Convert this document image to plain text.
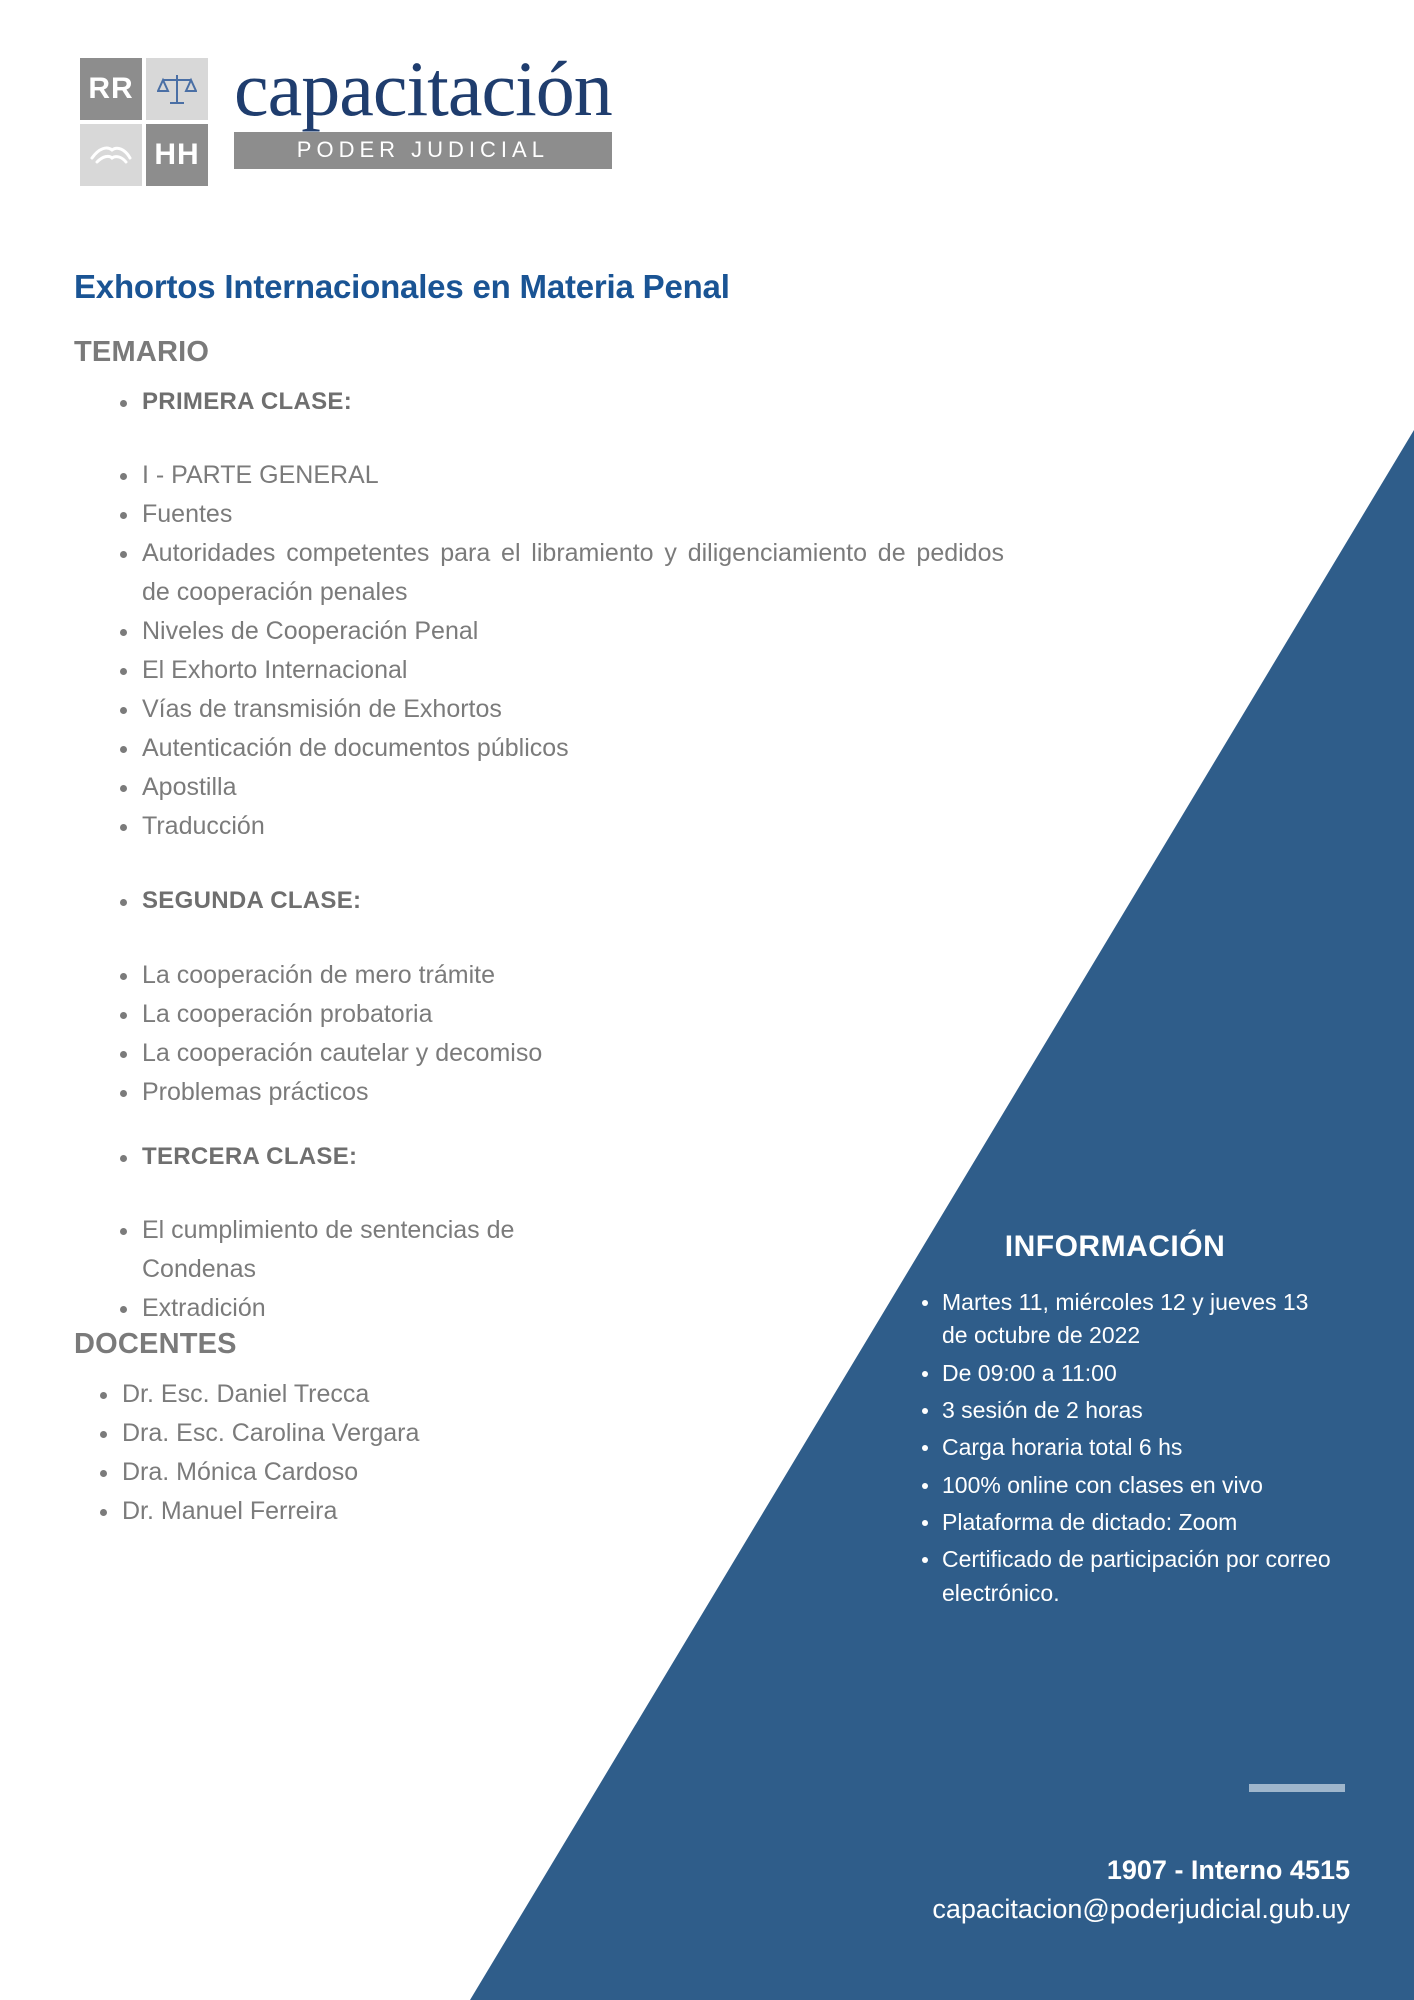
RR
HH
capacitación
PODER JUDICIAL
Exhortos Internacionales en Materia Penal
TEMARIO
PRIMERA CLASE:
I - PARTE GENERAL
Fuentes
Autoridades competentes para el libramiento y diligenciamiento de pedidos de cooperación penales
Niveles de Cooperación Penal
El Exhorto Internacional
Vías de transmisión de Exhortos
Autenticación de documentos públicos
Apostilla
Traducción
SEGUNDA CLASE:
La cooperación de mero trámite
La cooperación probatoria
La cooperación cautelar y decomiso
Problemas prácticos
TERCERA CLASE:
El cumplimiento de sentencias de Condenas
Extradición
DOCENTES
Dr. Esc. Daniel Trecca
Dra. Esc. Carolina Vergara
Dra. Mónica Cardoso
Dr. Manuel Ferreira
INFORMACIÓN
Martes 11, miércoles 12 y jueves 13 de octubre de 2022
De 09:00 a 11:00
3 sesión de 2 horas
Carga horaria total 6 hs
100% online con clases en vivo
Plataforma de dictado: Zoom
Certificado de participación por correo electrónico.
1907 - Interno 4515
capacitacion@poderjudicial.gub.uy
